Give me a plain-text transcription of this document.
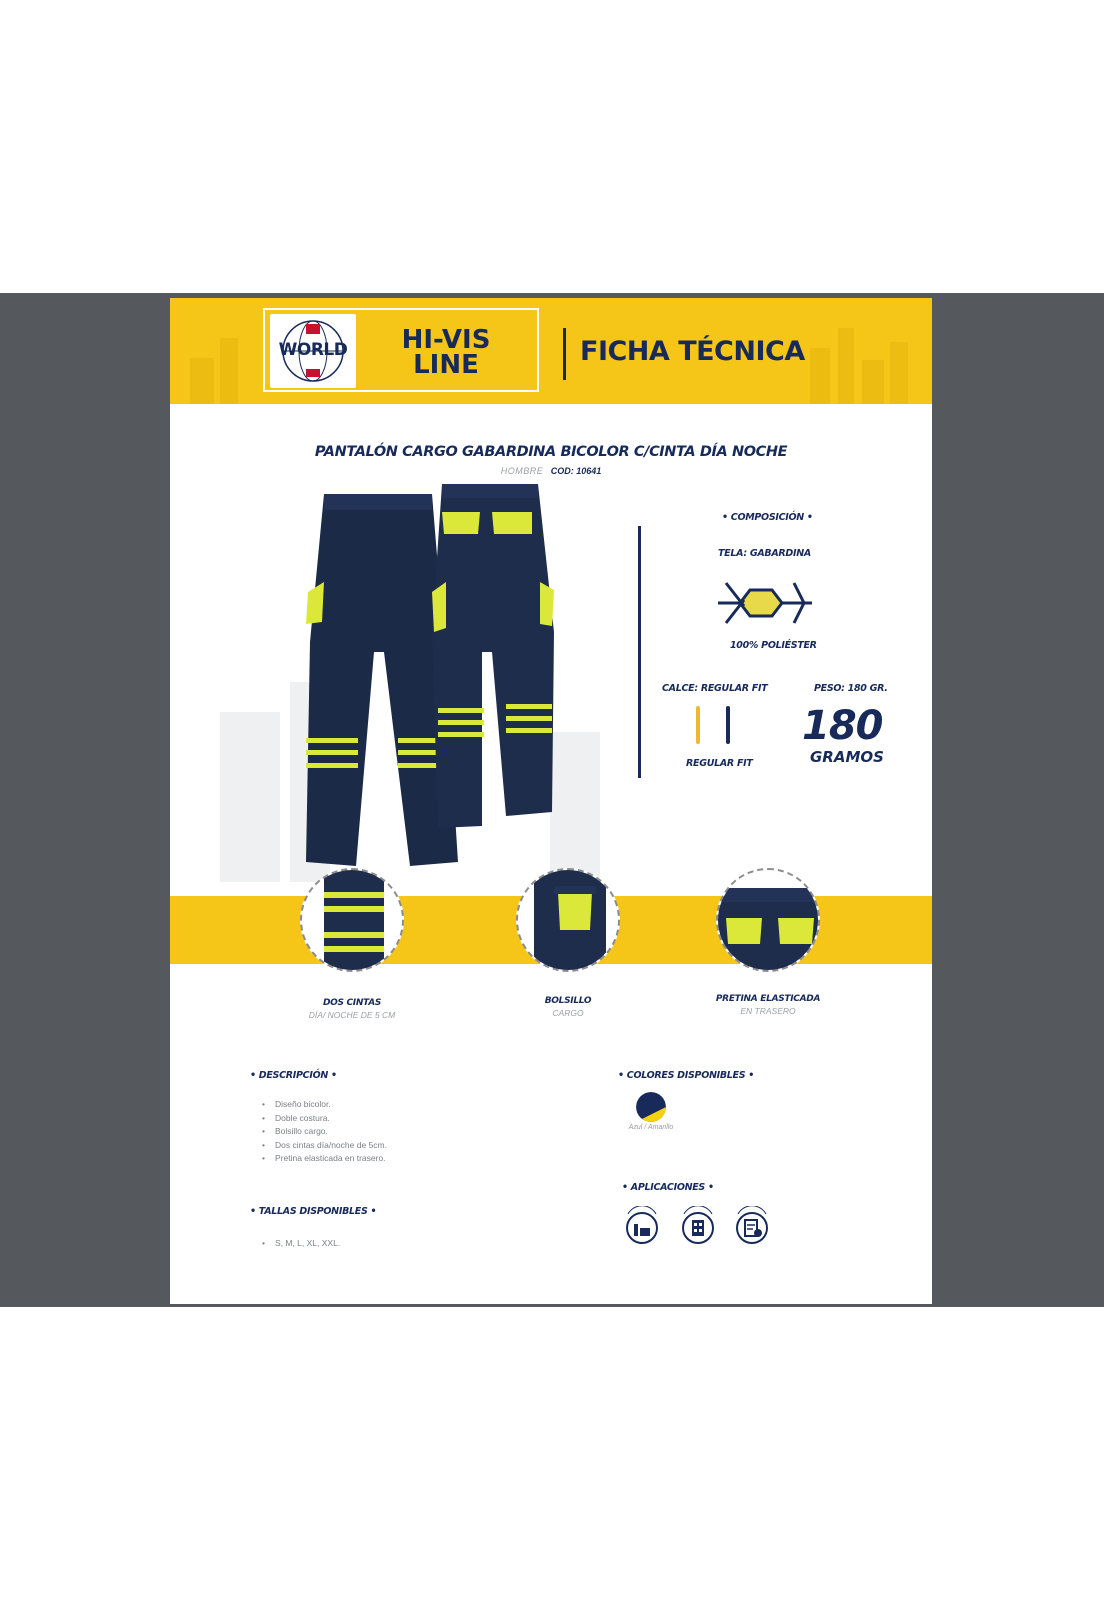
WORLD	HI-VIS
LINE	FICHA TÉCNICA
PANTALÓN CARGO GABARDINA BICOLOR C/CINTA DÍA NOCHE
HOMBRE COD: 10641
• COMPOSICIÓN •
TELA: GABARDINA
100% POLIÉSTER
CALCE: REGULAR FIT	PESO: 180 GR.
REGULAR FIT
180
GRAMOS
DOS CINTAS
DÍA/ NOCHE DE 5 CM
BOLSILLO
CARGO
PRETINA ELASTICADA
EN TRASERO
• DESCRIPCIÓN •
• Diseño bicolor.
• Doble costura.
• Bolsillo cargo.
• Dos cintas día/noche de 5cm.
• Pretina elasticada en trasero.
• TALLAS DISPONIBLES •
• S, M, L, XL, XXL.
• COLORES DISPONIBLES •
Azul / Amarillo
• APLICACIONES •
